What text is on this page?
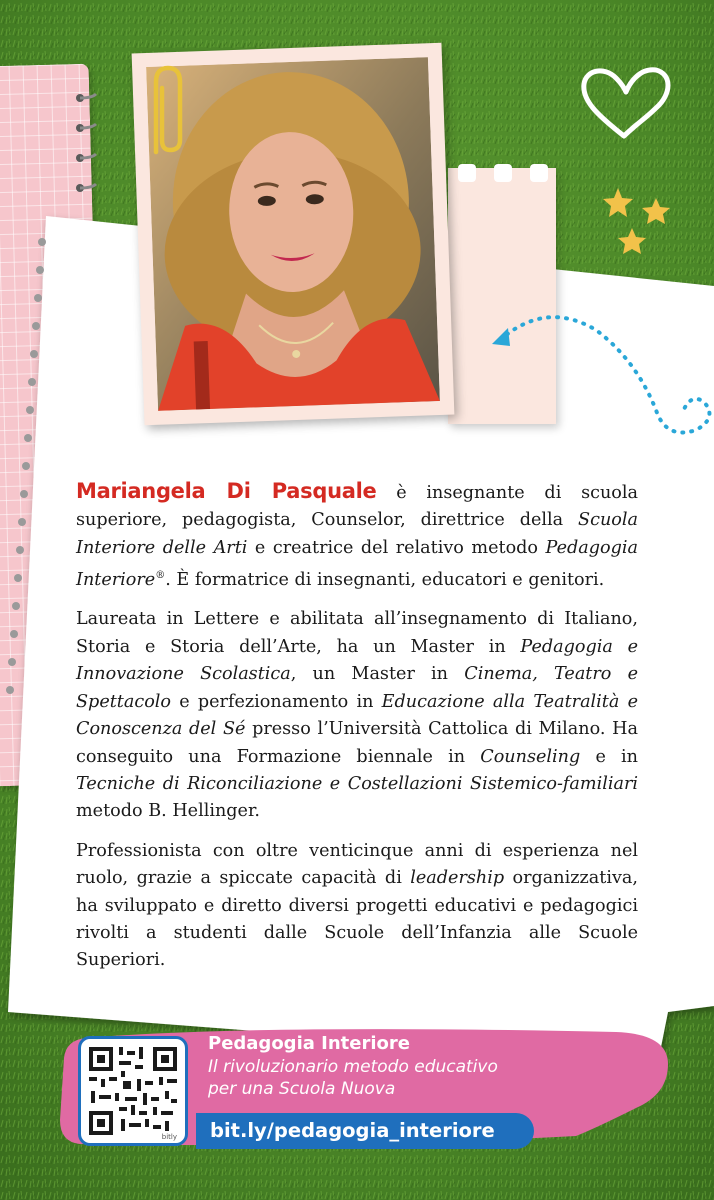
Mariangela Di Pasquale è insegnante di scuola superiore, pedagogista, Counselor, direttrice della Scuola Interiore delle Arti e creatrice del relativo metodo Pedagogia Interiore®. È formatrice di insegnanti, educatori e genitori.

Laureata in Lettere e abilitata all’insegnamento di Italiano, Storia e Storia dell’Arte, ha un Master in Pedagogia e Innovazione Scolastica, un Master in Cinema, Teatro e Spettacolo e perfezionamento in Educazione alla Teatralità e Conoscenza del Sé presso l’Università Cattolica di Milano. Ha conseguito una Formazione biennale in Counseling e in Tecniche di Riconciliazione e Costellazioni Sistemico-familiari metodo B. Hellinger.

Professionista con oltre venticinque anni di esperienza nel ruolo, grazie a spiccate capacità di leadership organizzativa, ha sviluppato e diretto diversi progetti educativi e pedagogici rivolti a studenti dalle Scuole dell’Infanzia alle Scuole Superiori.

bitly
Pedagogia Interiore
Il rivoluzionario metodo educativo
per una Scuola Nuova
bit.ly/pedagogia_interiore
